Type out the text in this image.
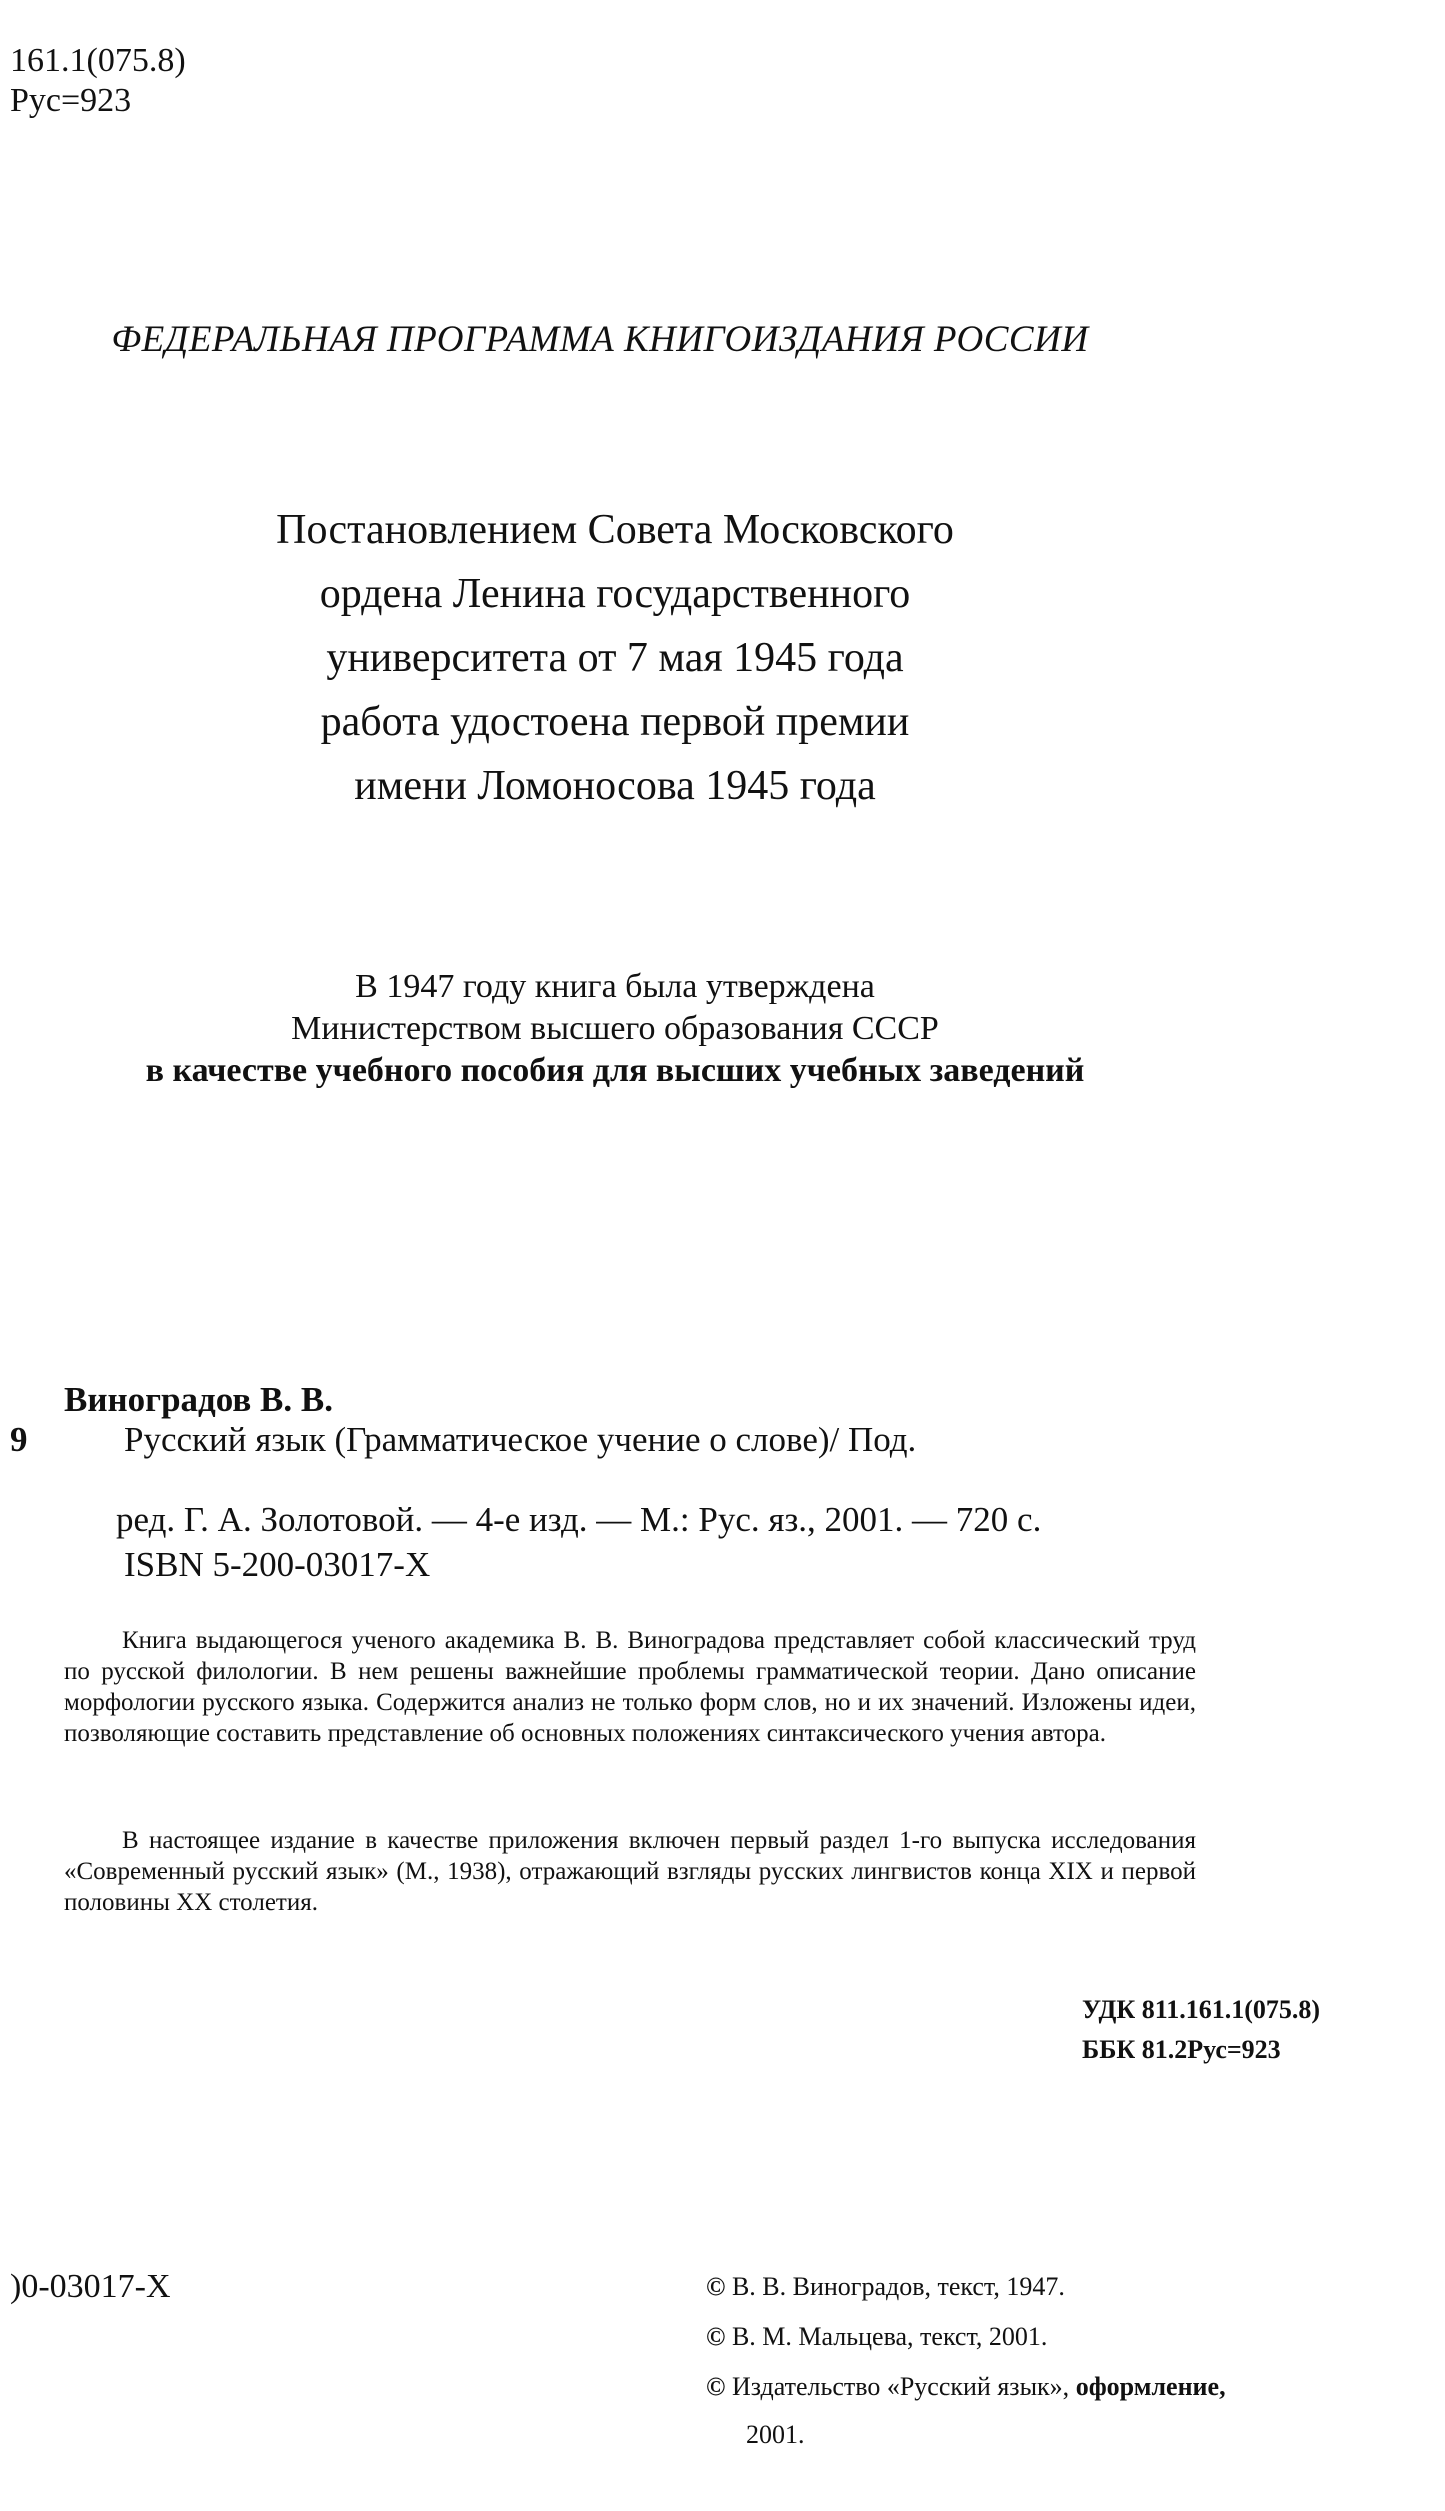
161.1(075.8)
Рус=923
ФЕДЕРАЛЬНАЯ ПРОГРАММА КНИГОИЗДАНИЯ РОССИИ
Постановлением Совета Московского
ордена Ленина государственного
университета от 7 мая 1945 года
работа удостоена первой премии
имени Ломоносова 1945 года
В 1947 году книга была утверждена
Министерством высшего образования СССР
в качестве учебного пособия для высших учебных заведений
Виноградов В. В.
9	Русский язык (Грамматическое учение о слове)/ Под.
ред. Г. А. Золотовой. — 4-е изд. — М.: Рус. яз., 2001. — 720 с.
ISBN 5-200-03017-X
Книга выдающегося ученого академика В. В. Виноградова представляет собой классический труд по русской филологии. В нем решены важнейшие проблемы грамматической теории. Дано описание морфологии русского языка. Содержится анализ не только форм слов, но и их значений. Изложены идеи, позволяющие составить представление об основных положениях синтаксического учения автора.
В настоящее издание в качестве приложения включен первый раздел 1-го выпуска исследования «Современный русский язык» (М., 1938), отражающий взгляды русских лингвистов конца XIX и первой половины XX столетия.
УДК 811.161.1(075.8)
ББК 81.2Рус=923
)0-03017-X	© В. В. Виноградов, текст, 1947.
© В. М. Мальцева, текст, 2001.
© Издательство «Русский язык», оформление,
2001.
